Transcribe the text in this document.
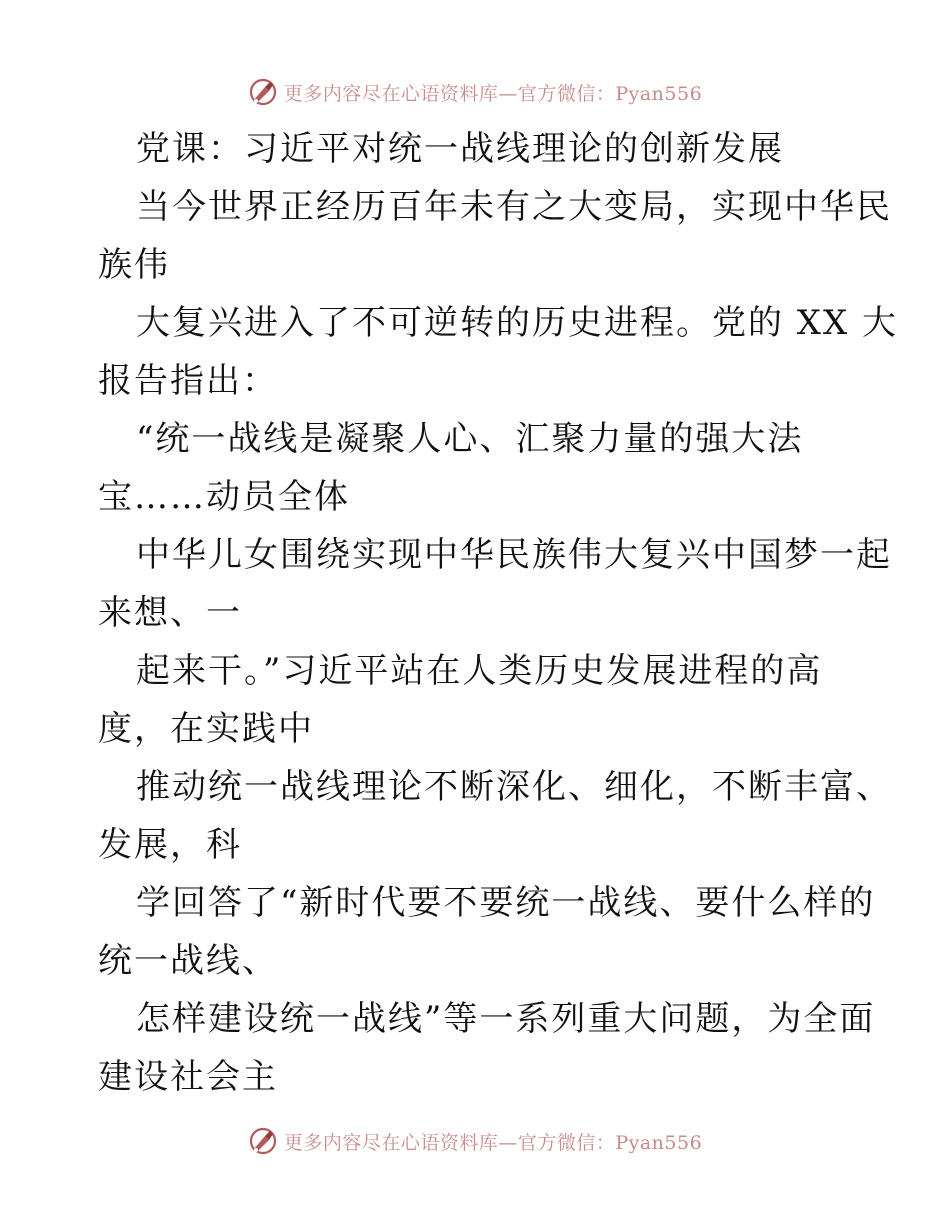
更多内容尽在心语资料库—官方微信：Pyan556
党课：习近平对统一战线理论的创新发展
当今世界正经历百年未有之大变局，实现中华民
族伟
大复兴进入了不可逆转的历史进程。党的 XX 大
报告指出：
“统一战线是凝聚人心、汇聚力量的强大法
宝……动员全体
中华儿女围绕实现中华民族伟大复兴中国梦一起
来想、一
起来干。”习近平站在人类历史发展进程的高
度，在实践中
推动统一战线理论不断深化、细化，不断丰富、
发展，科
学回答了“新时代要不要统一战线、要什么样的
统一战线、
怎样建设统一战线”等一系列重大问题，为全面
建设社会主
更多内容尽在心语资料库—官方微信：Pyan556
